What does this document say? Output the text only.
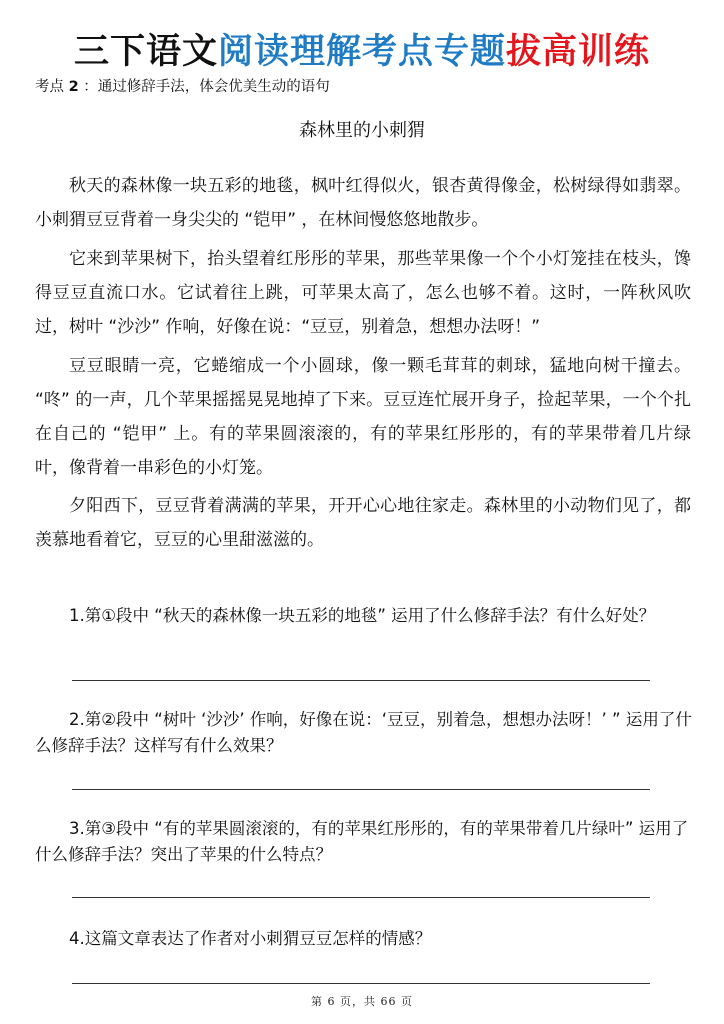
三下语文阅读理解考点专题拔高训练
考点 2 ：通过修辞手法，体会优美生动的语句
森林里的小刺猬
秋天的森林像一块五彩的地毯，枫叶红得似火，银杏黄得像金，松树绿得如翡翠。小刺猬豆豆背着一身尖尖的 “铠甲” ，在林间慢悠悠地散步。
它来到苹果树下，抬头望着红彤彤的苹果，那些苹果像一个个小灯笼挂在枝头，馋得豆豆直流口水。它试着往上跳，可苹果太高了，怎么也够不着。这时，一阵秋风吹过，树叶 “沙沙” 作响，好像在说：“豆豆，别着急，想想办法呀！”
豆豆眼睛一亮，它蜷缩成一个小圆球，像一颗毛茸茸的刺球，猛地向树干撞去。 “咚” 的一声，几个苹果摇摇晃晃地掉了下来。豆豆连忙展开身子，捡起苹果，一个个扎在自己的 “铠甲” 上。有的苹果圆滚滚的，有的苹果红彤彤的，有的苹果带着几片绿叶，像背着一串彩色的小灯笼。
夕阳西下，豆豆背着满满的苹果，开开心心地往家走。森林里的小动物们见了，都羡慕地看着它，豆豆的心里甜滋滋的。
1.第①段中 “秋天的森林像一块五彩的地毯” 运用了什么修辞手法？有什么好处？
2.第②段中 “树叶 ‘沙沙’ 作响，好像在说：‘豆豆，别着急，想想办法呀！’ ” 运用了什么修辞手法？这样写有什么效果？
3.第③段中 “有的苹果圆滚滚的，有的苹果红彤彤的，有的苹果带着几片绿叶” 运用了什么修辞手法？突出了苹果的什么特点？
4.这篇文章表达了作者对小刺猬豆豆怎样的情感？
第 6 页，共 66 页
